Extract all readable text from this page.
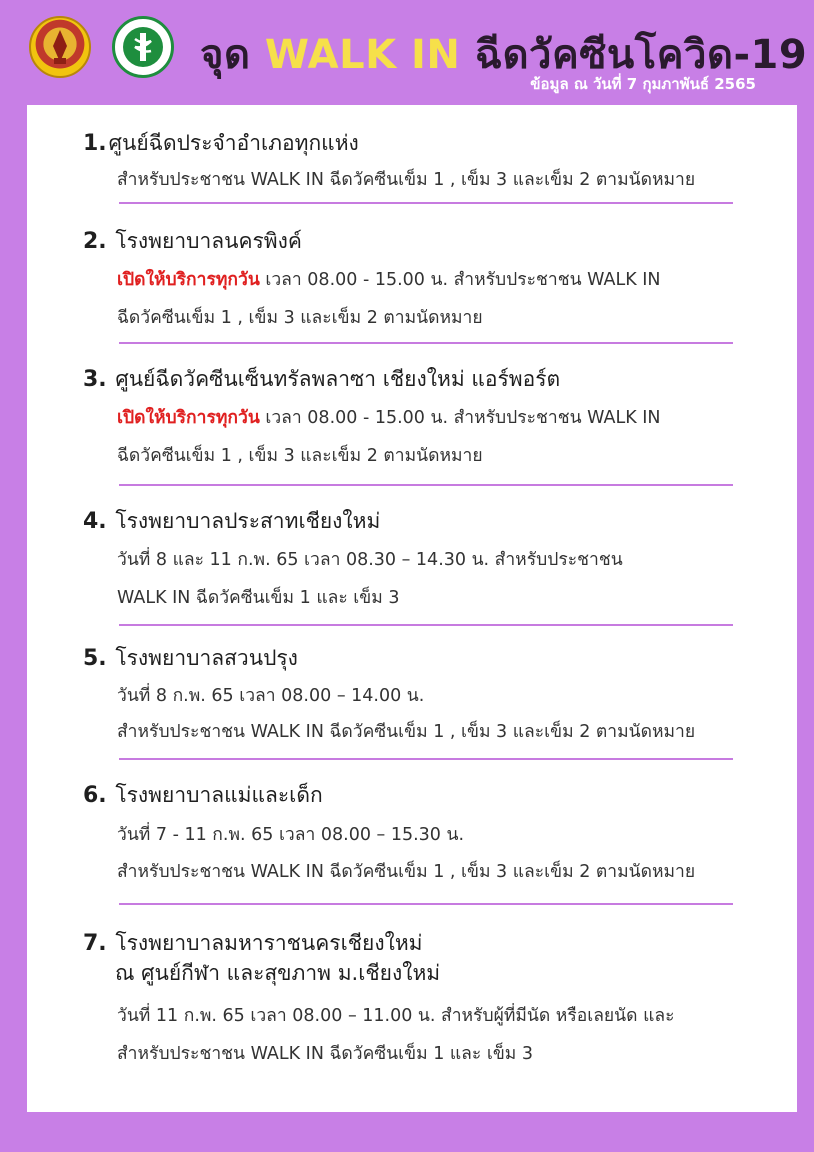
จุด WALK IN ฉีดวัคซีนโควิด-19
ข้อมูล ณ วันที่ 7 กุมภาพันธ์ 2565
1.ศูนย์ฉีดประจำอำเภอทุกแห่ง
สำหรับประชาชน WALK IN ฉีดวัคซีนเข็ม 1 , เข็ม 3 และเข็ม 2 ตามนัดหมาย
2. โรงพยาบาลนครพิงค์
เปิดให้บริการทุกวัน เวลา 08.00 - 15.00 น. สำหรับประชาชน WALK IN
ฉีดวัคซีนเข็ม 1 , เข็ม 3 และเข็ม 2 ตามนัดหมาย
3. ศูนย์ฉีดวัคซีนเซ็นทรัลพลาซา เชียงใหม่ แอร์พอร์ต
เปิดให้บริการทุกวัน เวลา 08.00 - 15.00 น. สำหรับประชาชน WALK IN
ฉีดวัคซีนเข็ม 1 , เข็ม 3 และเข็ม 2 ตามนัดหมาย
4. โรงพยาบาลประสาทเชียงใหม่
วันที่ 8 และ 11 ก.พ. 65 เวลา 08.30 – 14.30 น. สำหรับประชาชน
WALK IN ฉีดวัคซีนเข็ม 1 และ เข็ม 3
5. โรงพยาบาลสวนปรุง
วันที่ 8 ก.พ. 65 เวลา 08.00 – 14.00 น.
สำหรับประชาชน WALK IN ฉีดวัคซีนเข็ม 1 , เข็ม 3 และเข็ม 2 ตามนัดหมาย
6. โรงพยาบาลแม่และเด็ก
วันที่ 7 - 11 ก.พ. 65 เวลา 08.00 – 15.30 น.
สำหรับประชาชน WALK IN ฉีดวัคซีนเข็ม 1 , เข็ม 3 และเข็ม 2 ตามนัดหมาย
7. โรงพยาบาลมหาราชนครเชียงใหม่
ณ ศูนย์กีฬา และสุขภาพ ม.เชียงใหม่
วันที่ 11 ก.พ. 65 เวลา 08.00 – 11.00 น. สำหรับผู้ที่มีนัด หรือเลยนัด และ
สำหรับประชาชน WALK IN ฉีดวัคซีนเข็ม 1 และ เข็ม 3
